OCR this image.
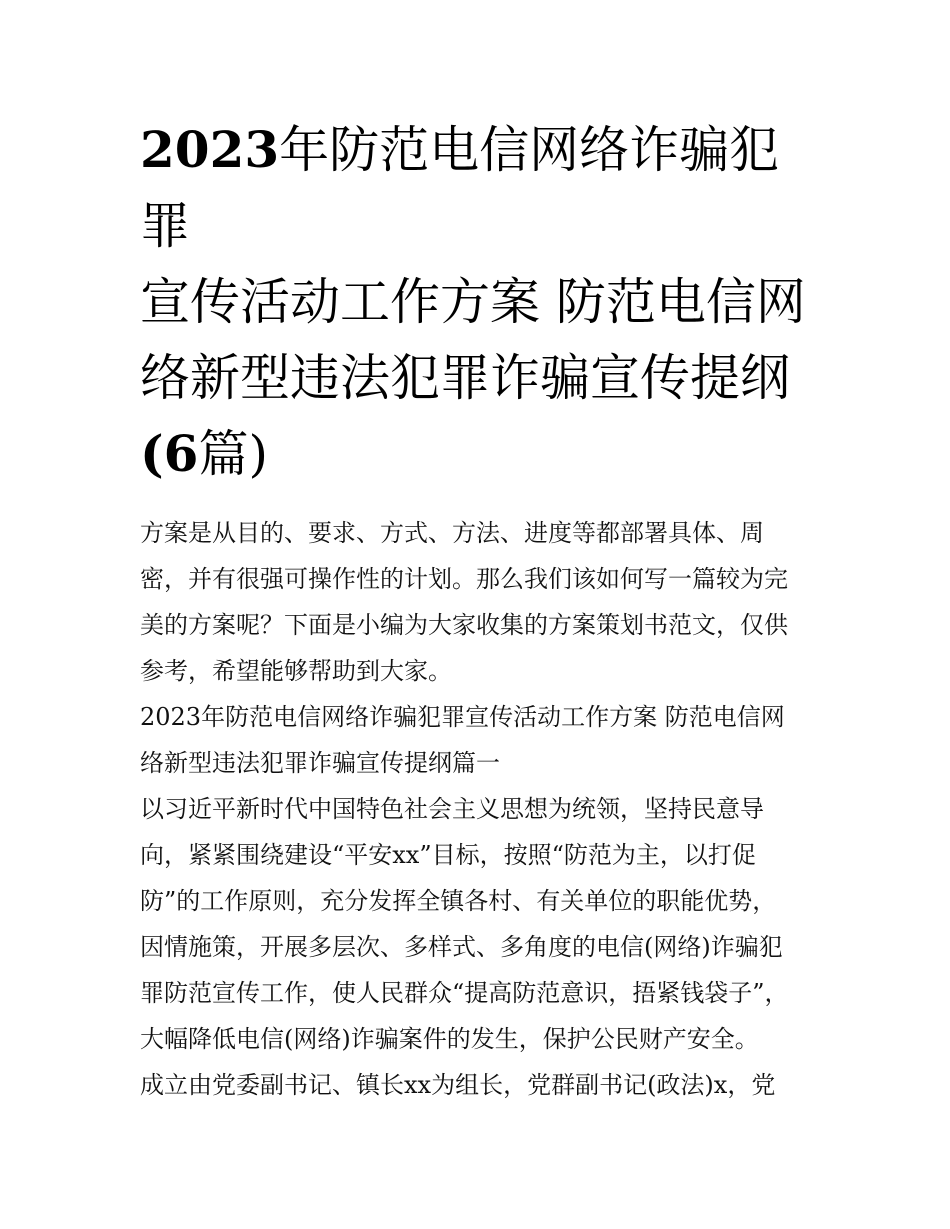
2023年防范电信网络诈骗犯罪
宣传活动工作方案 防范电信网
络新型违法犯罪诈骗宣传提纲
(6篇)
方案是从目的、要求、方式、方法、进度等都部署具体、周
密，并有很强可操作性的计划。那么我们该如何写一篇较为完
美的方案呢？下面是小编为大家收集的方案策划书范文，仅供
参考，希望能够帮助到大家。
2023年防范电信网络诈骗犯罪宣传活动工作方案 防范电信网
络新型违法犯罪诈骗宣传提纲篇一
以习近平新时代中国特色社会主义思想为统领，坚持民意导
向，紧紧围绕建设“平安xx”目标，按照“防范为主，以打促
防”的工作原则，充分发挥全镇各村、有关单位的职能优势，
因情施策，开展多层次、多样式、多角度的电信(网络)诈骗犯
罪防范宣传工作，使人民群众“提高防范意识，捂紧钱袋子”，
大幅降低电信(网络)诈骗案件的发生，保护公民财产安全。
成立由党委副书记、镇长xx为组长，党群副书记(政法)x，党
